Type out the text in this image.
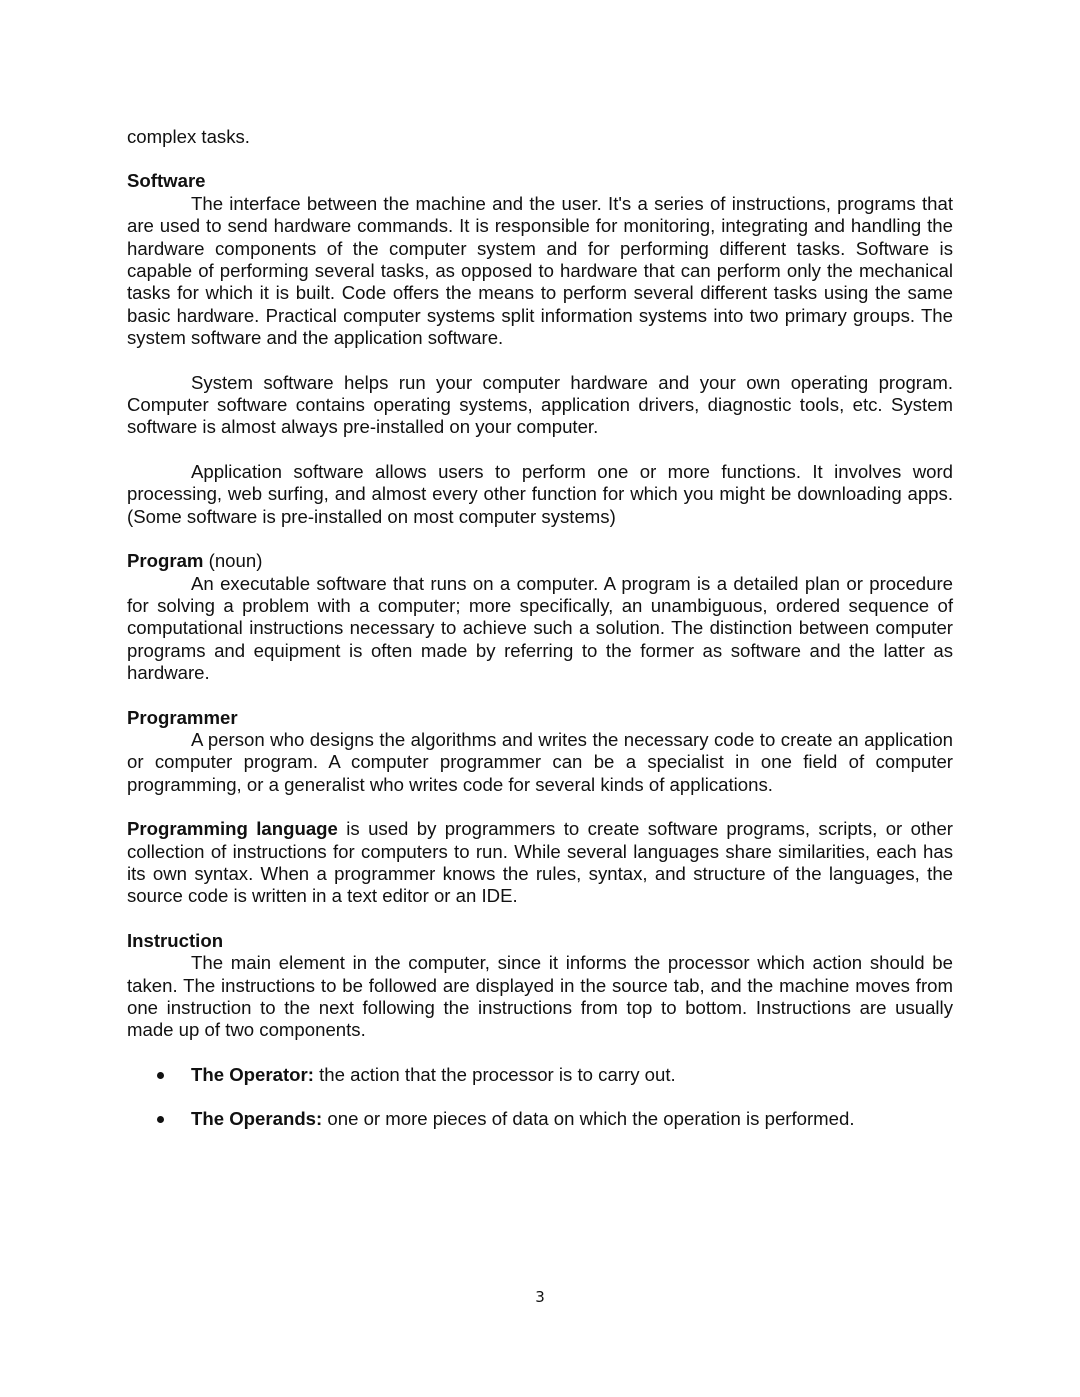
complex tasks.

Software

The interface between the machine and the user. It's a series of instructions, programs that are used to send hardware commands. It is responsible for monitoring, integrating and handling the hardware components of the computer system and for performing different tasks. Software is capable of performing several tasks, as opposed to hardware that can perform only the mechanical tasks for which it is built. Code offers the means to perform several different tasks using the same basic hardware. Practical computer systems split information systems into two primary groups. The system software and the application software.

System software helps run your computer hardware and your own operating program. Computer software contains operating systems, application drivers, diagnostic tools, etc. System software is almost always pre-installed on your computer.

Application software allows users to perform one or more functions. It involves word processing, web surfing, and almost every other function for which you might be downloading apps. (Some software is pre-installed on most computer systems)

Program (noun)

An executable software that runs on a computer. A program is a detailed plan or procedure for solving a problem with a computer; more specifically, an unambiguous, ordered sequence of computational instructions necessary to achieve such a solution. The distinction between computer programs and equipment is often made by referring to the former as software and the latter as hardware.

Programmer

A person who designs the algorithms and writes the necessary code to create an application or computer program. A computer programmer can be a specialist in one field of computer programming, or a generalist who writes code for several kinds of applications.

Programming language is used by programmers to create software programs, scripts, or other collection of instructions for computers to run. While several languages share similarities, each has its own syntax. When a programmer knows the rules, syntax, and structure of the languages, the source code is written in a text editor or an IDE.

Instruction

The main element in the computer, since it informs the processor which action should be taken. The instructions to be followed are displayed in the source tab, and the machine moves from one instruction to the next following the instructions from top to bottom. Instructions are usually made up of two components.

The Operator: the action that the processor is to carry out.
The Operands: one or more pieces of data on which the operation is performed.
3
